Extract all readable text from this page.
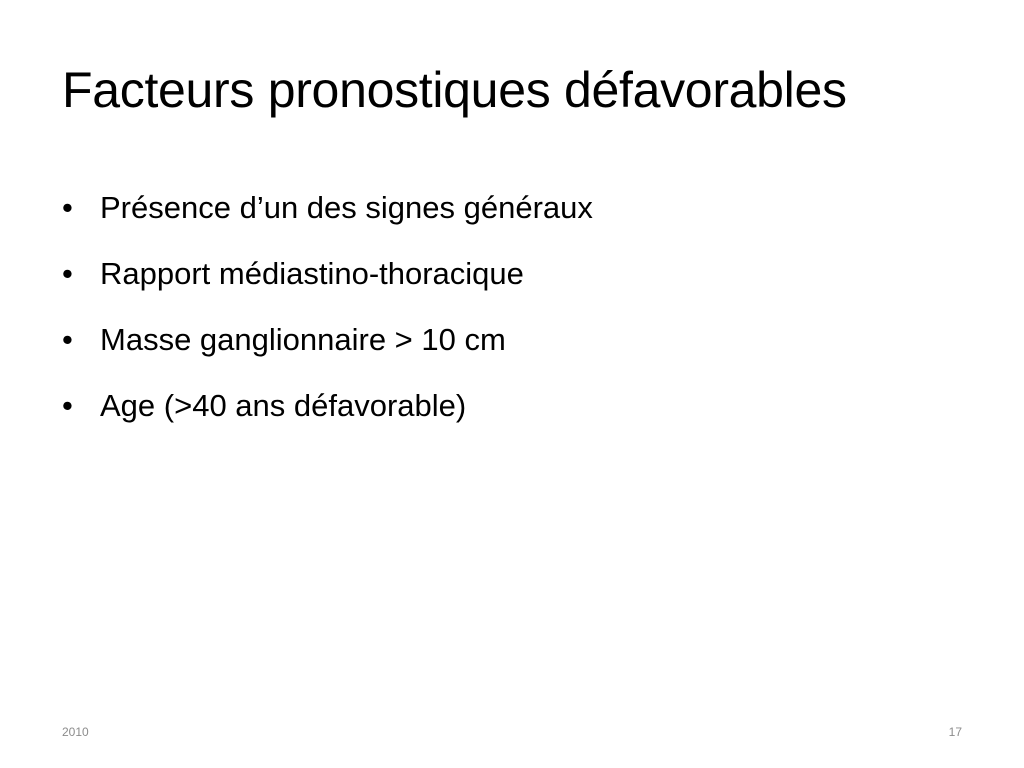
Facteurs pronostiques défavorables
• Présence d’un des signes généraux
• Rapport médiastino-thoracique
• Masse ganglionnaire > 10 cm
• Age (>40 ans défavorable)
2010	17
